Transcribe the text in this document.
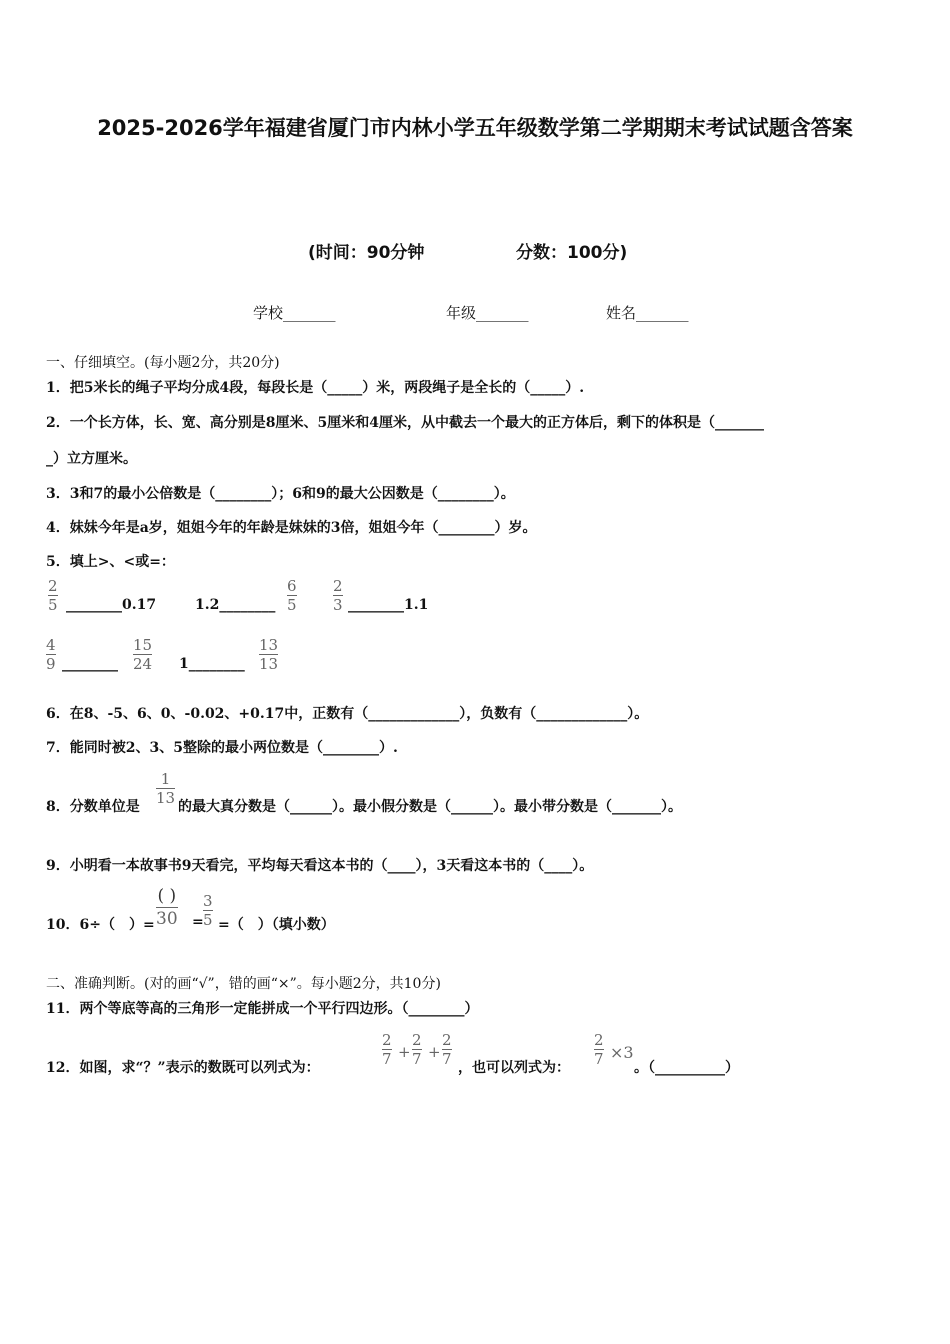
2025-2026学年福建省厦门市内林小学五年级数学第二学期期末考试试题含答案
(时间：90分钟	分数：100分)
学校_______	年级_______	姓名_______
一、仔细填空。(每小题2分，共20分)
1．把5米长的绳子平均分成4段，每段长是（_____）米，两段绳子是全长的（_____）.
2．一个长方体，长、宽、高分别是8厘米、5厘米和4厘米，从中截去一个最大的正方体后，剩下的体积是（_______
_）立方厘米。
3．3和7的最小公倍数是（________）；6和9的最大公因数是（________）。
4．妹妹今年是a岁，姐姐今年的年龄是妹妹的3倍，姐姐今年（________）岁。
5．填上>、<或=：
2
5 ________0.17	1.2________
6
5
2
3 ________1.1
4
9 ________
15
24 1________
13
13
6．在8、-5、6、0、-0.02、+0.17中，正数有（_____________），负数有（_____________）。
7．能同时被2、3、5整除的最小两位数是（________）.
8．分数单位是
1
13 的最大真分数是（______）。最小假分数是（______）。最小带分数是（_______）。
9．小明看一本故事书9天看完，平均每天看这本书的（____），3天看这本书的（____）。
10．6÷（　）=
( )
30 =
3
5 =（　）（填小数）
二、准确判断。(对的画“√”，错的画“×”。每小题2分，共10分)
11．两个等底等高的三角形一定能拼成一个平行四边形。（________）
12．如图，求“？”表示的数既可以列式为：
2
7 +
2
7 +
2
7 ，也可以列式为：
2
7 ×3
。（__________）
